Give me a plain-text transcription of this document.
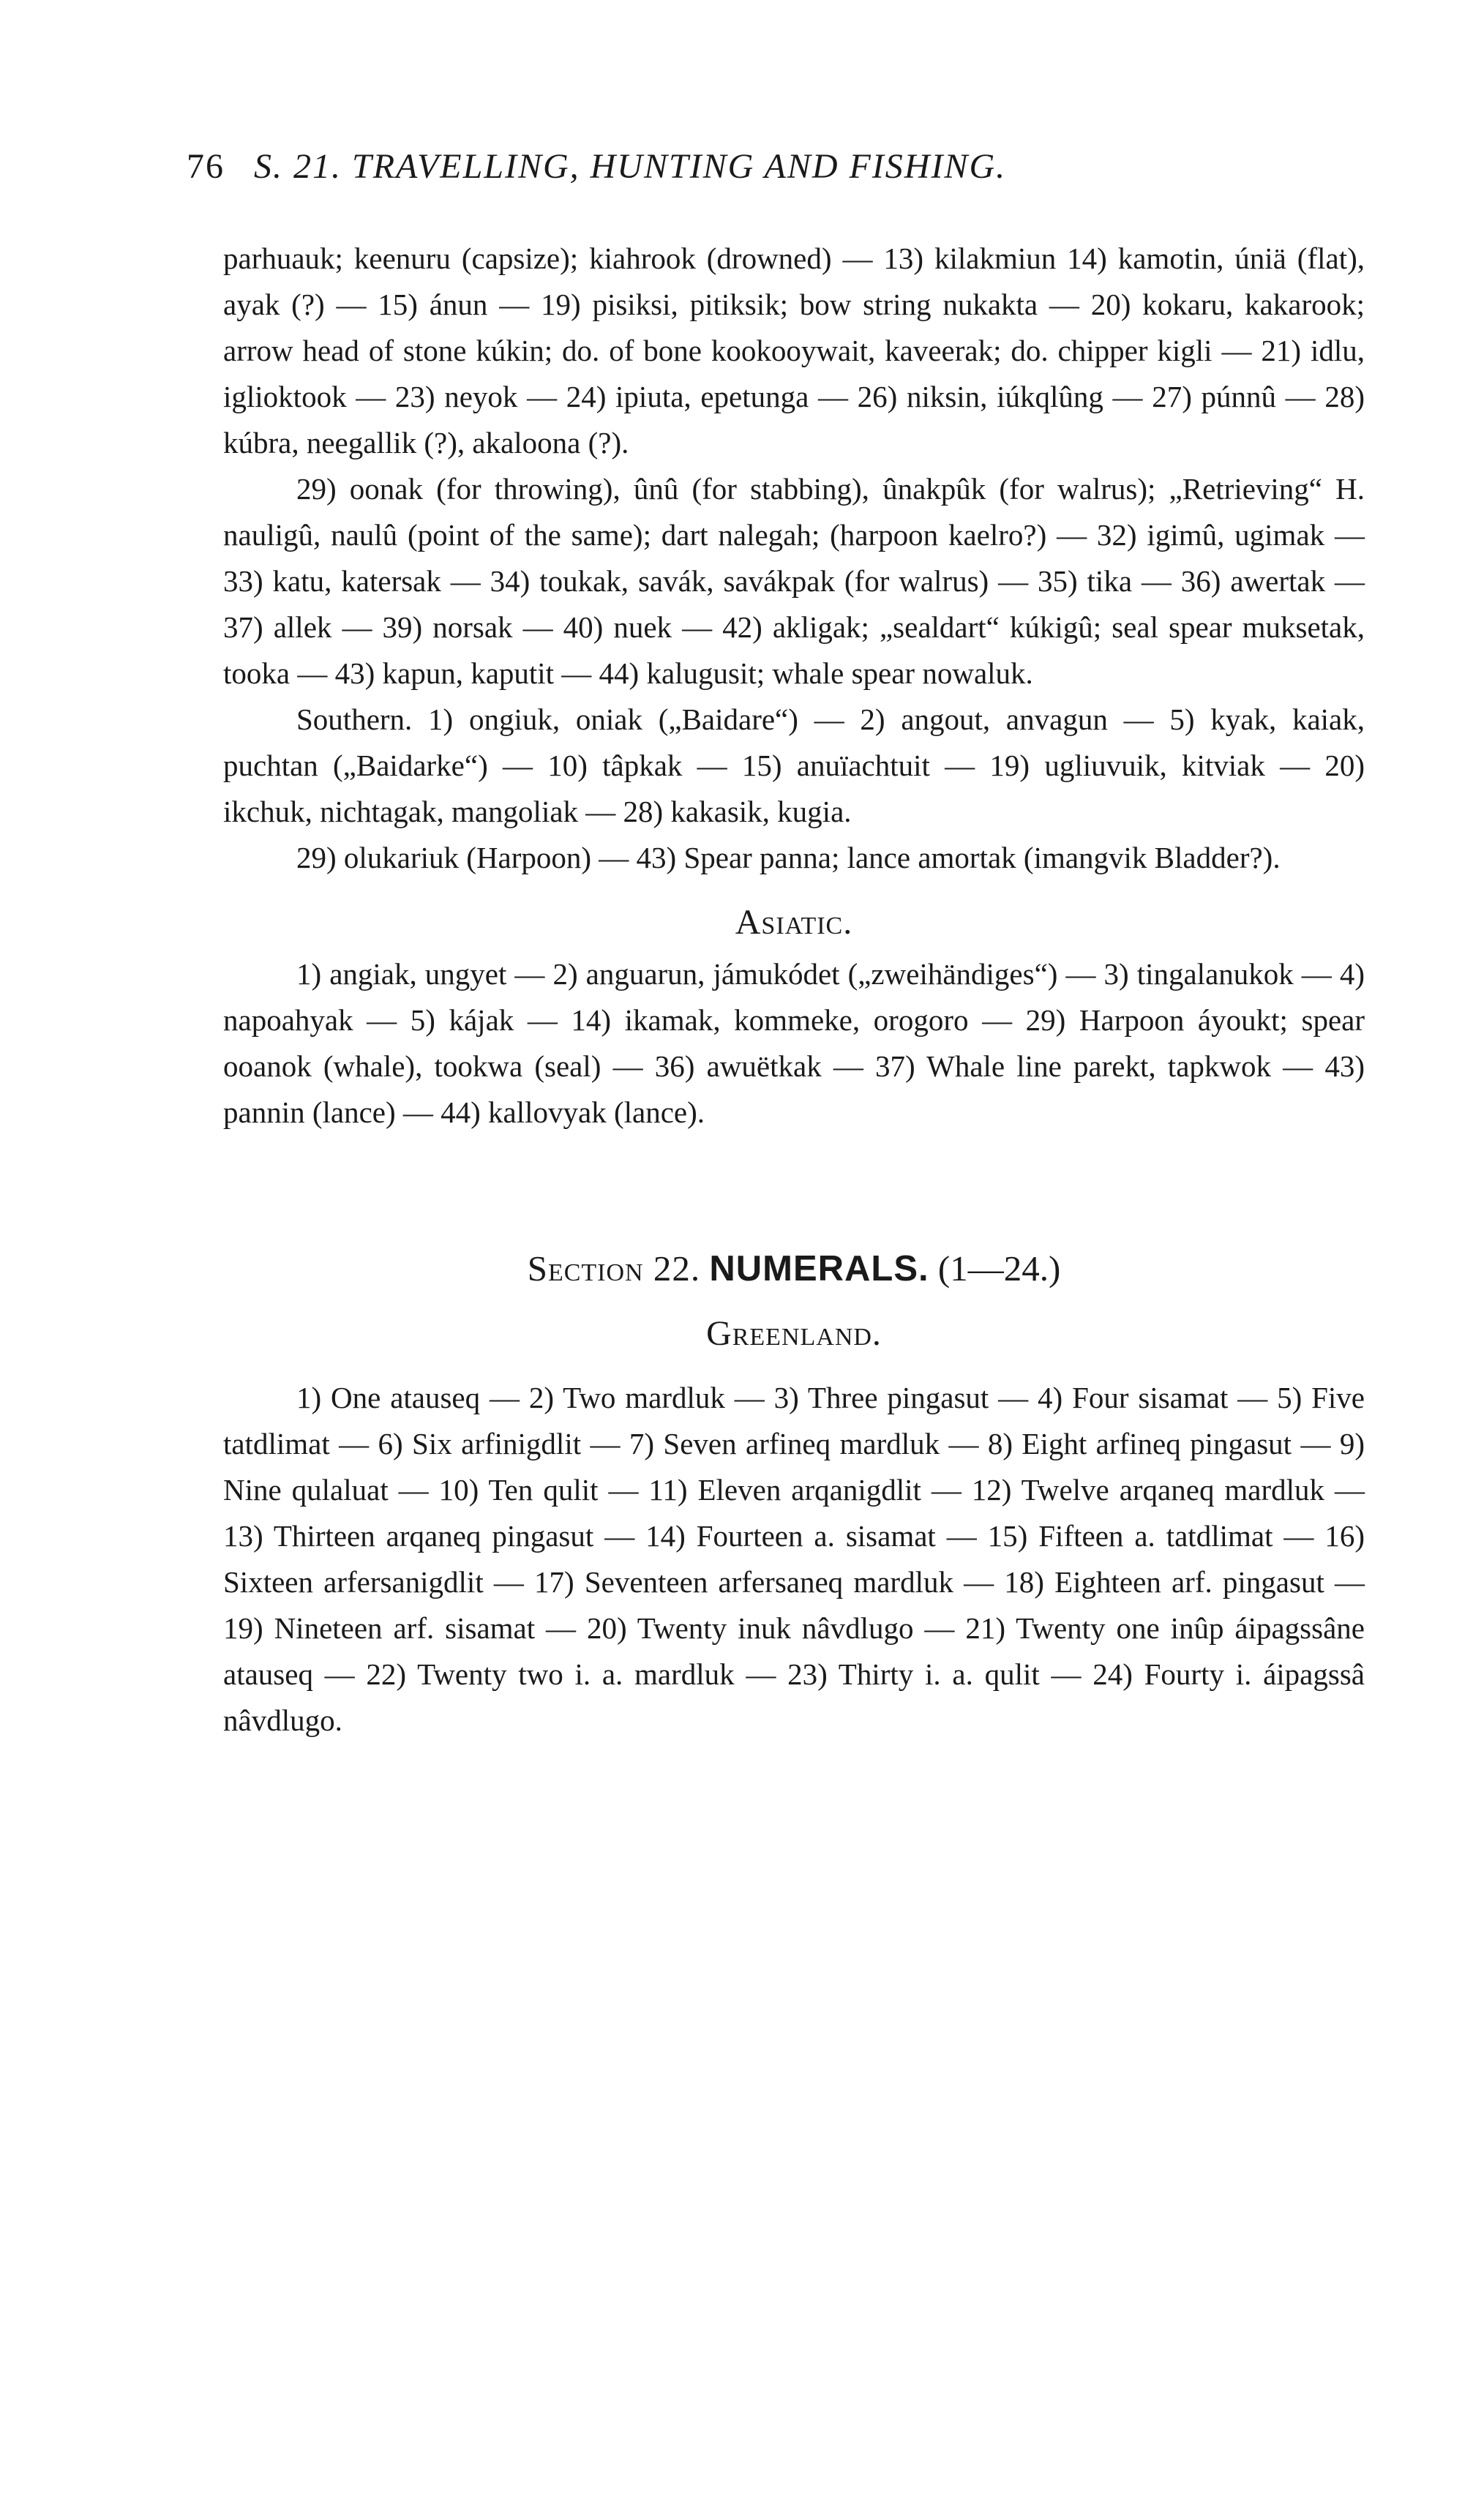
76 S. 21. TRAVELLING, HUNTING AND FISHING.

parhuauk; keenuru (capsize); kiahrook (drowned) — 13) kilakmiun 14) kamotin, úniä (flat), ayak (?) — 15) ánun — 19) pisiksi, pitiksik; bow string nukakta — 20) kokaru, kakarook; arrow head of stone kúkin; do. of bone kookooywait, kaveerak; do. chipper kigli — 21) idlu, iglioktook — 23) neyok — 24) ipiuta, epetunga — 26) niksin, iúkqlûng — 27) púnnû — 28) kúbra, neegallik (?), akaloona (?).

29) oonak (for throwing), ûnû (for stabbing), ûnakpûk (for walrus); „Retrieving“ H. nauligû, naulû (point of the same); dart nalegah; (harpoon kaelro?) — 32) igimû, ugimak — 33) katu, katersak — 34) toukak, savák, savákpak (for walrus) — 35) tika — 36) awertak — 37) allek — 39) norsak — 40) nuek — 42) akligak; „sealdart“ kúkigû; seal spear muksetak, tooka — 43) kapun, kaputit — 44) kalugusit; whale spear nowaluk.

Southern. 1) ongiuk, oniak („Baidare“) — 2) angout, anvagun — 5) kyak, kaiak, puchtan („Baidarke“) — 10) tâpkak — 15) anuïachtuit — 19) ugliuvuik, kitviak — 20) ikchuk, nichtagak, mangoliak — 28) kakasik, kugia.

29) olukariuk (Harpoon) — 43) Spear panna; lance amortak (imangvik Bladder?).

Asiatic.

1) angiak, ungyet — 2) anguarun, jámukódet („zweihändiges“) — 3) tingalanukok — 4) napoahyak — 5) kájak — 14) ikamak, kommeke, orogoro — 29) Harpoon áyoukt; spear ooanok (whale), tookwa (seal) — 36) awuëtkak — 37) Whale line parekt, tapkwok — 43) pannin (lance) — 44) kallovyak (lance).

Section 22. NUMERALS. (1—24.)
Greenland.

1) One atauseq — 2) Two mardluk — 3) Three pingasut — 4) Four sisamat — 5) Five tatdlimat — 6) Six arfinigdlit — 7) Seven arfineq mardluk — 8) Eight arfineq pingasut — 9) Nine qulaluat — 10) Ten qulit — 11) Eleven arqanigdlit — 12) Twelve arqaneq mardluk — 13) Thirteen arqaneq pingasut — 14) Fourteen a. sisamat — 15) Fifteen a. tatdlimat — 16) Sixteen arfersanigdlit — 17) Seventeen arfersaneq mardluk — 18) Eighteen arf. pingasut — 19) Nineteen arf. sisamat — 20) Twenty inuk nâvdlugo — 21) Twenty one inûp áipagssâne atauseq — 22) Twenty two i. a. mardluk — 23) Thirty i. a. qulit — 24) Fourty i. áipagssâ nâvdlugo.
